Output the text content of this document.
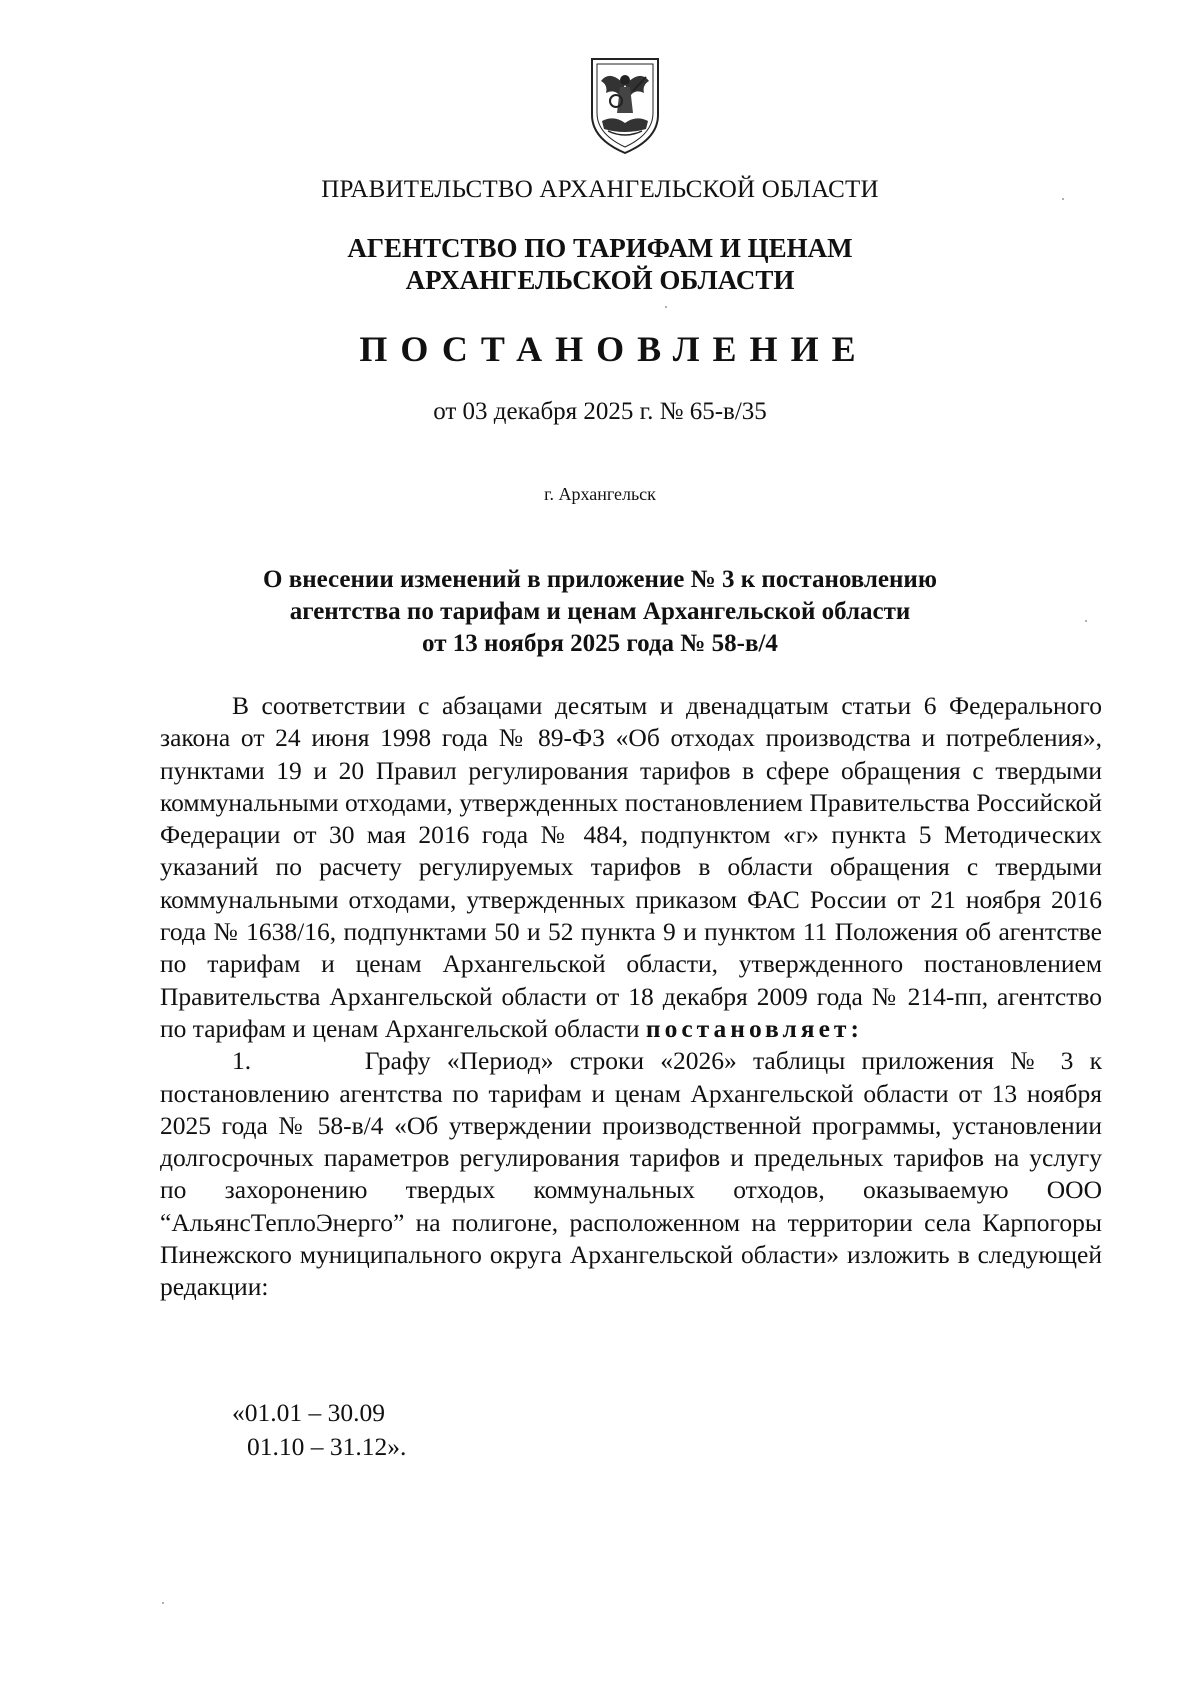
ПРАВИТЕЛЬСТВО АРХАНГЕЛЬСКОЙ ОБЛАСТИ
АГЕНТСТВО ПО ТАРИФАМ И ЦЕНАМ
АРХАНГЕЛЬСКОЙ ОБЛАСТИ
ПОСТАНОВЛЕНИЕ
от 03 декабря 2025 г. № 65-в/35
г. Архангельск
О внесении изменений в приложение № 3 к постановлению
агентства по тарифам и ценам Архангельской области
от 13 ноября 2025 года № 58-в/4

В соответствии с абзацами десятым и двенадцатым статьи 6 Федерального закона от 24 июня 1998 года № 89-ФЗ «Об отходах производства и потребления», пунктами 19 и 20 Правил регулирования тарифов в сфере обращения с твердыми коммунальными отходами, утвержденных постановлением Правительства Российской Федерации от 30 мая 2016 года № 484, подпунктом «г» пункта 5 Методических указаний по расчету регулируемых тарифов в области обращения с твердыми коммунальными отходами, утвержденных приказом ФАС России от 21 ноября 2016 года № 1638/16, подпунктами 50 и 52 пункта 9 и пунктом 11 Положения об агентстве по тарифам и ценам Архангельской области, утвержденного постановлением Правительства Архангельской области от 18 декабря 2009 года № 214-пп, агентство по тарифам и ценам Архангельской области постановляет:

1.	Графу «Период» строки «2026» таблицы приложения № 3 к постановлению агентства по тарифам и ценам Архангельской области от 13 ноября 2025 года № 58-в/4 «Об утверждении производственной программы, установлении долгосрочных параметров регулирования тарифов и предельных тарифов на услугу по захоронению твердых коммунальных отходов, оказываемую ООО “АльянсТеплоЭнерго” на полигоне, расположенном на территории села Карпогоры Пинежского муниципального округа Архангельской области» изложить в следующей редакции:

«01.01 – 30.09
01.10 – 31.12».
